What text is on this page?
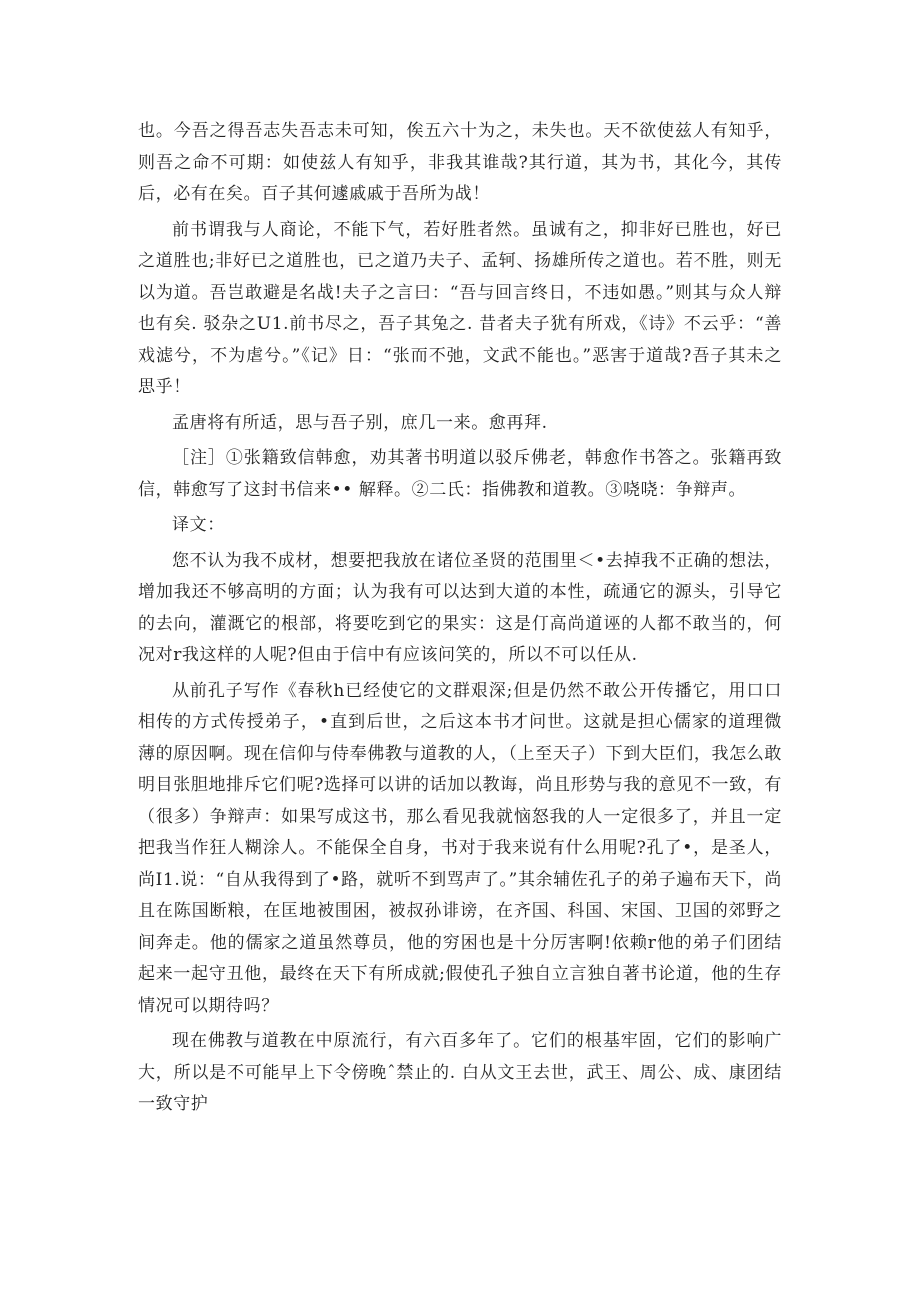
也。今吾之得吾志失吾志未可知，俟五六十为之，未失也。天不欲使兹人有知乎，则吾之命不可期：如使兹人有知乎，非我其谁哉?其行道，其为书，其化今，其传后，必有在矣。百子其何遽戚戚于吾所为战！

前书谓我与人商论，不能下气，若好胜者然。虽诚有之，抑非好已胜也，好已之道胜也;非好已之道胜也，已之道乃夫子、孟轲、扬雄所传之道也。若不胜，则无以为道。吾岂敢避是名战!夫子之言曰：“吾与回言终日，不违如愚。”则其与众人辩也有矣. 驳杂之U1.前书尽之，吾子其兔之. 昔者夫子犹有所戏，《诗》不云乎：“善戏滤兮，不为虐兮。”《记》日：“张而不弛，文武不能也。”恶害于道哉?吾子其未之思乎！

孟唐将有所适，思与吾子别，庶几一来。愈再拜.

［注］①张籍致信韩愈，劝其著书明道以驳斥佛老，韩愈作书答之。张籍再致信，韩愈写了这封书信来•• 解释。②二氏：指佛教和道教。③哓哓：争辩声。

译文：

您不认为我不成材，想要把我放在诸位圣贤的范围里＜•去掉我不正确的想法，增加我还不够高明的方面；认为我有可以达到大道的本性，疏通它的源头，引导它的去向，灌溉它的根部，将要吃到它的果实：这是仃高尚道诬的人都不敢当的，何况对r我这样的人呢?但由于信中有应该问笑的，所以不可以任从.

从前孔子写作《春秋h已经使它的文群艰深;但是仍然不敢公开传播它，用口口相传的方式传授弟子，•直到后世，之后这本书才问世。这就是担心儒家的道理微薄的原因啊。现在信仰与侍奉佛教与道教的人，（上至天子）下到大臣们，我怎么敢明目张胆地排斥它们呢?选择可以讲的话加以教诲，尚且形势与我的意见不一致，有（很多）争辩声：如果写成这书，那么看见我就恼怒我的人一定很多了，并且一定把我当作狂人糊涂人。不能保全自身，书对于我来说有什么用呢?孔了•，是圣人，尚I1.说：“自从我得到了•路，就听不到骂声了。”其余辅佐孔子的弟子遍布天下，尚且在陈国断粮，在匡地被围困，被叔孙诽谤，在齐国、科国、宋国、卫国的郊野之间奔走。他的儒家之道虽然尊员，他的穷困也是十分厉害啊!依赖r他的弟子们团结起来一起守丑他，最终在天下有所成就;假使孔子独自立言独自著书论道，他的生存情况可以期待吗？

现在佛教与道教在中原流行，有六百多年了。它们的根基牢固，它们的影响广大，所以是不可能早上下令傍晚ˆ禁止的. 白从文王去世，武王、周公、成、康团结一致守护
